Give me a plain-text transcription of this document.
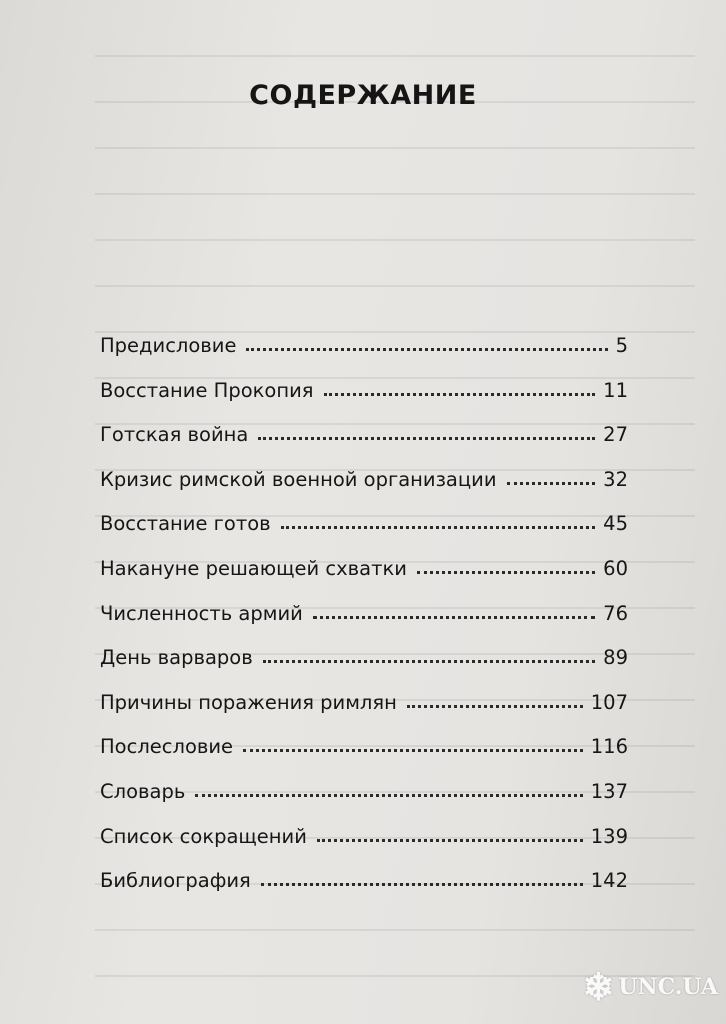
СОДЕРЖАНИЕ
Предисловие	5
Восстание Прокопия	11
Готская война	27
Кризис римской военной организации	32
Восстание готов	45
Накануне решающей схватки	60
Численность армий	76
День варваров	89
Причины поражения римлян	107
Послесловие	116
Словарь	137
Список сокращений	139
Библиография	142
❄ UNC.UA
